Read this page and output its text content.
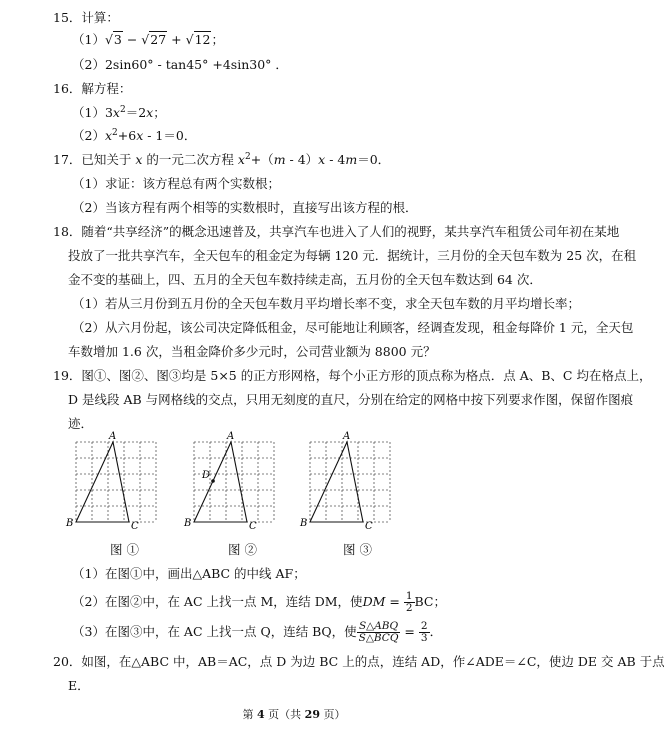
15．计算：
（1）√3 − √27 + √12；
（2）2sin60° - tan45° +4sin30° ．
16．解方程：
$(1)3x^2=2x$；
$(2)x^2+6x - 1=0$．
17．已知关于 x 的一元二次方程 $x^2+(m - 4)x - 4m=0$．
（1）求证：该方程总有两个实数根；
（2）当该方程有两个相等的实数根时，直接写出该方程的根．
18．随着“共享经济”的概念迅速普及，共享汽车也进入了人们的视野，某共享汽车租赁公司年初在某地
投放了一批共享汽车，全天包车的租金定为每辆 120 元．据统计，三月份的全天包车数为 25 次，在租
金不变的基础上，四、五月的全天包车数持续走高，五月份的全天包车数达到 64 次．
（1）若从三月份到五月份的全天包车数月平均增长率不变，求全天包车数的月平均增长率；
（2）从六月份起，该公司决定降低租金，尽可能地让利顾客，经调查发现，租金每降价 1 元，全天包
车数增加 1.6 次，当租金降价多少元时，公司营业额为 8800 元？
19．图①、图②、图③均是 5×5 的正方形网格，每个小正方形的顶点称为格点．点 A、B、C 均在格点上，
D 是线段 AB 与网格线的交点，只用无刻度的直尺，分别在给定的网格中按下列要求作图，保留作图痕
迹．
A
B	C
A
B	C
D
A
B	C
图 ①	图 ②	图 ③
（1）在图①中，画出△ABC 的中线 AF；
（2）在图②中，在 AC 上找一点 M，连结 DM，使DM = $\frac{1}{2}$ BC；
（3）在图③中，在 AC 上找一点 Q，连结 BQ，使 $\frac{\text{S△ABQ}}{\text{S△BCQ}} = \frac{2}{3}$ ．
20．如图，在△ABC 中，AB＝AC，点 D 为边 BC 上的点，连结 AD，作∠ADE＝∠C，使边 DE 交 AB 于点
E．
第 4 页（共 29 页）
